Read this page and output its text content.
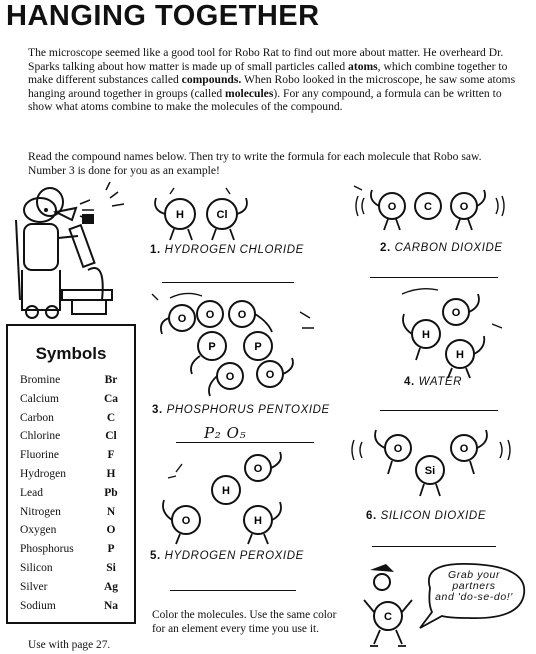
HANGING TOGETHER
The microscope seemed like a good tool for Robo Rat to find out more about matter. He overheard Dr. Sparks talking about how matter is made up of small particles called atoms, which combine together to make different substances called compounds. When Robo looked in the microscope, he saw some atoms hanging around together in groups (called molecules). For any compound, a formula can be written to show what atoms combine to make the molecules of the compound.
Read the compound names below. Then try to write the formula for each molecule that Robo saw. Number 3 is done for you as an example!
Symbols
Bromine	Br
Calcium	Ca
Carbon	C
Chlorine	Cl
Fluorine	F
Hydrogen	H
Lead	Pb
Nitrogen	N
Oxygen	O
Phosphorus	P
Silicon	Si
Silver	Ag
Sodium	Na
H	Cl
1. HYDROGEN CHLORIDE
O	C	O
2. CARBON DIOXIDE
O O O
P	P
O	O
3. PHOSPHORUS PENTOXIDE
P₂ O₅
O
H
H
4. WATER
H
O
O	H
5. HYDROGEN PEROXIDE
O
Si
O
6. SILICON DIOXIDE
Color the molecules. Use the same color for an element every time you use it.
Use with page 27.
C
Grab your
partners
and 'do-se-do!'
